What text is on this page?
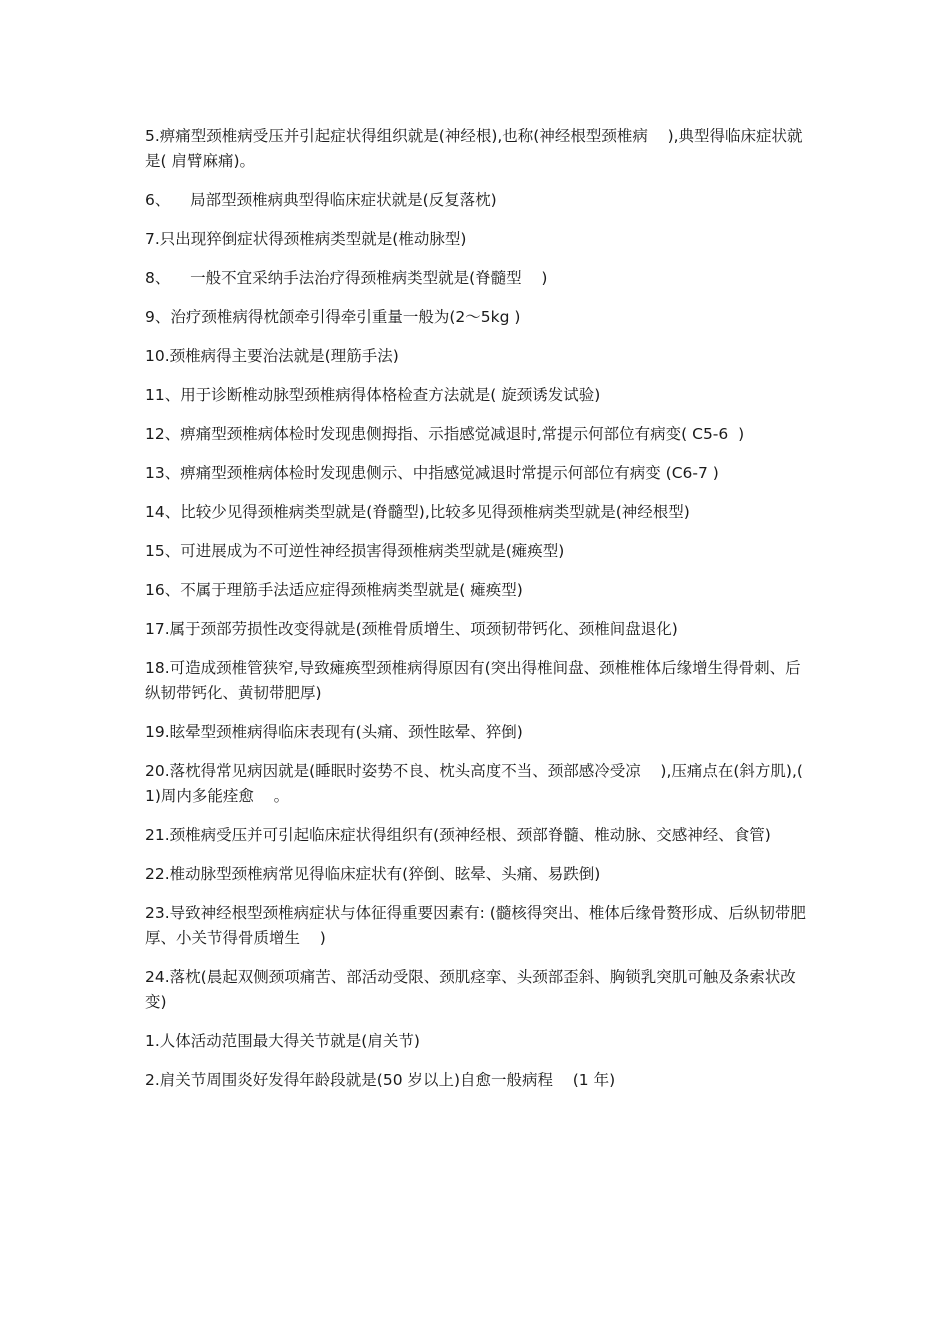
5.痹痛型颈椎病受压并引起症状得组织就是(神经根),也称(神经根型颈椎病    ),典型得临床症状就是( 肩臂麻痛)。

6、    局部型颈椎病典型得临床症状就是(反复落枕)

7.只出现猝倒症状得颈椎病类型就是(椎动脉型)

8、    一般不宜采纳手法治疗得颈椎病类型就是(脊髓型    )

9、治疗颈椎病得枕颌牵引得牵引重量一般为(2～5kg )

10.颈椎病得主要治法就是(理筋手法)

11、用于诊断椎动脉型颈椎病得体格检查方法就是( 旋颈诱发试验)

12、痹痛型颈椎病体检时发现患侧拇指、示指感觉减退时,常提示何部位有病变( C5-6  )

13、痹痛型颈椎病体检时发现患侧示、中指感觉减退时常提示何部位有病变 (C6-7 )

14、比较少见得颈椎病类型就是(脊髓型),比较多见得颈椎病类型就是(神经根型)

15、可进展成为不可逆性神经损害得颈椎病类型就是(瘫痪型)

16、不属于理筋手法适应症得颈椎病类型就是( 瘫痪型)

17.属于颈部劳损性改变得就是(颈椎骨质增生、项颈韧带钙化、颈椎间盘退化)

18.可造成颈椎管狭窄,导致瘫痪型颈椎病得原因有(突出得椎间盘、颈椎椎体后缘增生得骨刺、后纵韧带钙化、黄韧带肥厚)

19.眩晕型颈椎病得临床表现有(头痛、颈性眩晕、猝倒)

20.落枕得常见病因就是(睡眠时姿势不良、枕头高度不当、颈部感冷受凉    ),压痛点在(斜方肌),( 1)周内多能痊愈    。

21.颈椎病受压并可引起临床症状得组织有(颈神经根、颈部脊髓、椎动脉、交感神经、食管)

22.椎动脉型颈椎病常见得临床症状有(猝倒、眩晕、头痛、易跌倒)

23.导致神经根型颈椎病症状与体征得重要因素有: (髓核得突出、椎体后缘骨赘形成、后纵韧带肥厚、小关节得骨质增生    )

24.落枕(晨起双侧颈项痛苦、部活动受限、颈肌痉挛、头颈部歪斜、胸锁乳突肌可触及条索状改变)

1.人体活动范围最大得关节就是(肩关节)

2.肩关节周围炎好发得年龄段就是(50 岁以上)自愈一般病程    (1 年)
